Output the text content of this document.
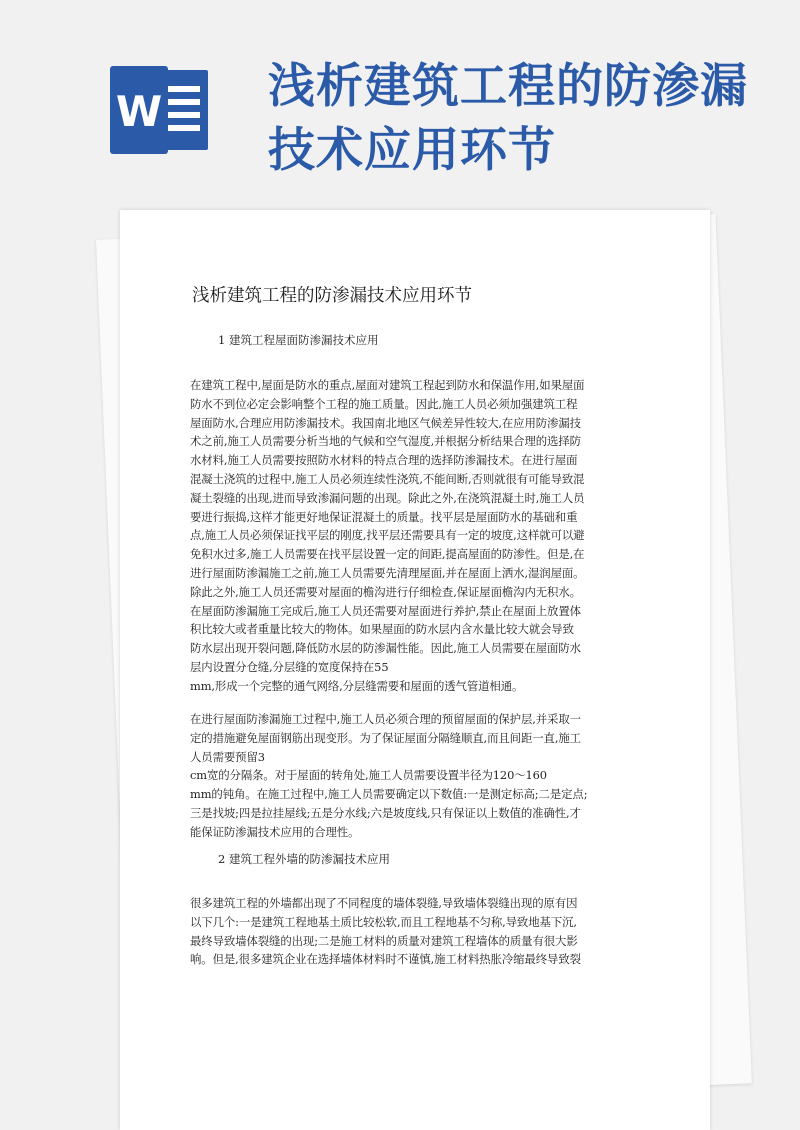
W 浅析建筑工程的防渗漏
技术应用环节
浅析建筑工程的防渗漏技术应用环节
1 建筑工程屋面防渗漏技术应用
在建筑工程中,屋面是防水的重点,屋面对建筑工程起到防水和保温作用,如果屋面
防水不到位必定会影响整个工程的施工质量。因此,施工人员必须加强建筑工程
屋面防水,合理应用防渗漏技术。我国南北地区气候差异性较大,在应用防渗漏技
术之前,施工人员需要分析当地的气候和空气湿度,并根据分析结果合理的选择防
水材料,施工人员需要按照防水材料的特点合理的选择防渗漏技术。在进行屋面
混凝土浇筑的过程中,施工人员必须连续性浇筑,不能间断,否则就很有可能导致混
凝土裂缝的出现,进而导致渗漏问题的出现。除此之外,在浇筑混凝土时,施工人员
要进行振捣,这样才能更好地保证混凝土的质量。找平层是屋面防水的基础和重
点,施工人员必须保证找平层的刚度,找平层还需要具有一定的坡度,这样就可以避
免积水过多,施工人员需要在找平层设置一定的间距,提高屋面的防渗性。但是,在
进行屋面防渗漏施工之前,施工人员需要先清理屋面,并在屋面上洒水,湿润屋面。
除此之外,施工人员还需要对屋面的檐沟进行仔细检查,保证屋面檐沟内无积水。
在屋面防渗漏施工完成后,施工人员还需要对屋面进行养护,禁止在屋面上放置体
积比较大或者重量比较大的物体。如果屋面的防水层内含水量比较大就会导致
防水层出现开裂问题,降低防水层的防渗漏性能。因此,施工人员需要在屋面防水
层内设置分仓缝,分层缝的宽度保持在55
mm,形成一个完整的通气网络,分层缝需要和屋面的透气管道相通。
在进行屋面防渗漏施工过程中,施工人员必须合理的预留屋面的保护层,并采取一
定的措施避免屋面钢筋出现变形。为了保证屋面分隔缝顺直,而且间距一直,施工
人员需要预留3
cm宽的分隔条。对于屋面的转角处,施工人员需要设置半径为120～160
mm的钝角。在施工过程中,施工人员需要确定以下数值:一是测定标高;二是定点;
三是找坡;四是拉挂屋线;五是分水线;六是坡度线,只有保证以上数值的准确性,才
能保证防渗漏技术应用的合理性。
2 建筑工程外墙的防渗漏技术应用
很多建筑工程的外墙都出现了不同程度的墙体裂缝,导致墙体裂缝出现的原有因
以下几个:一是建筑工程地基土质比较松软,而且工程地基不匀称,导致地基下沉,
最终导致墙体裂缝的出现;二是施工材料的质量对建筑工程墙体的质量有很大影
响。但是,很多建筑企业在选择墙体材料时不谨慎,施工材料热胀冷缩最终导致裂
